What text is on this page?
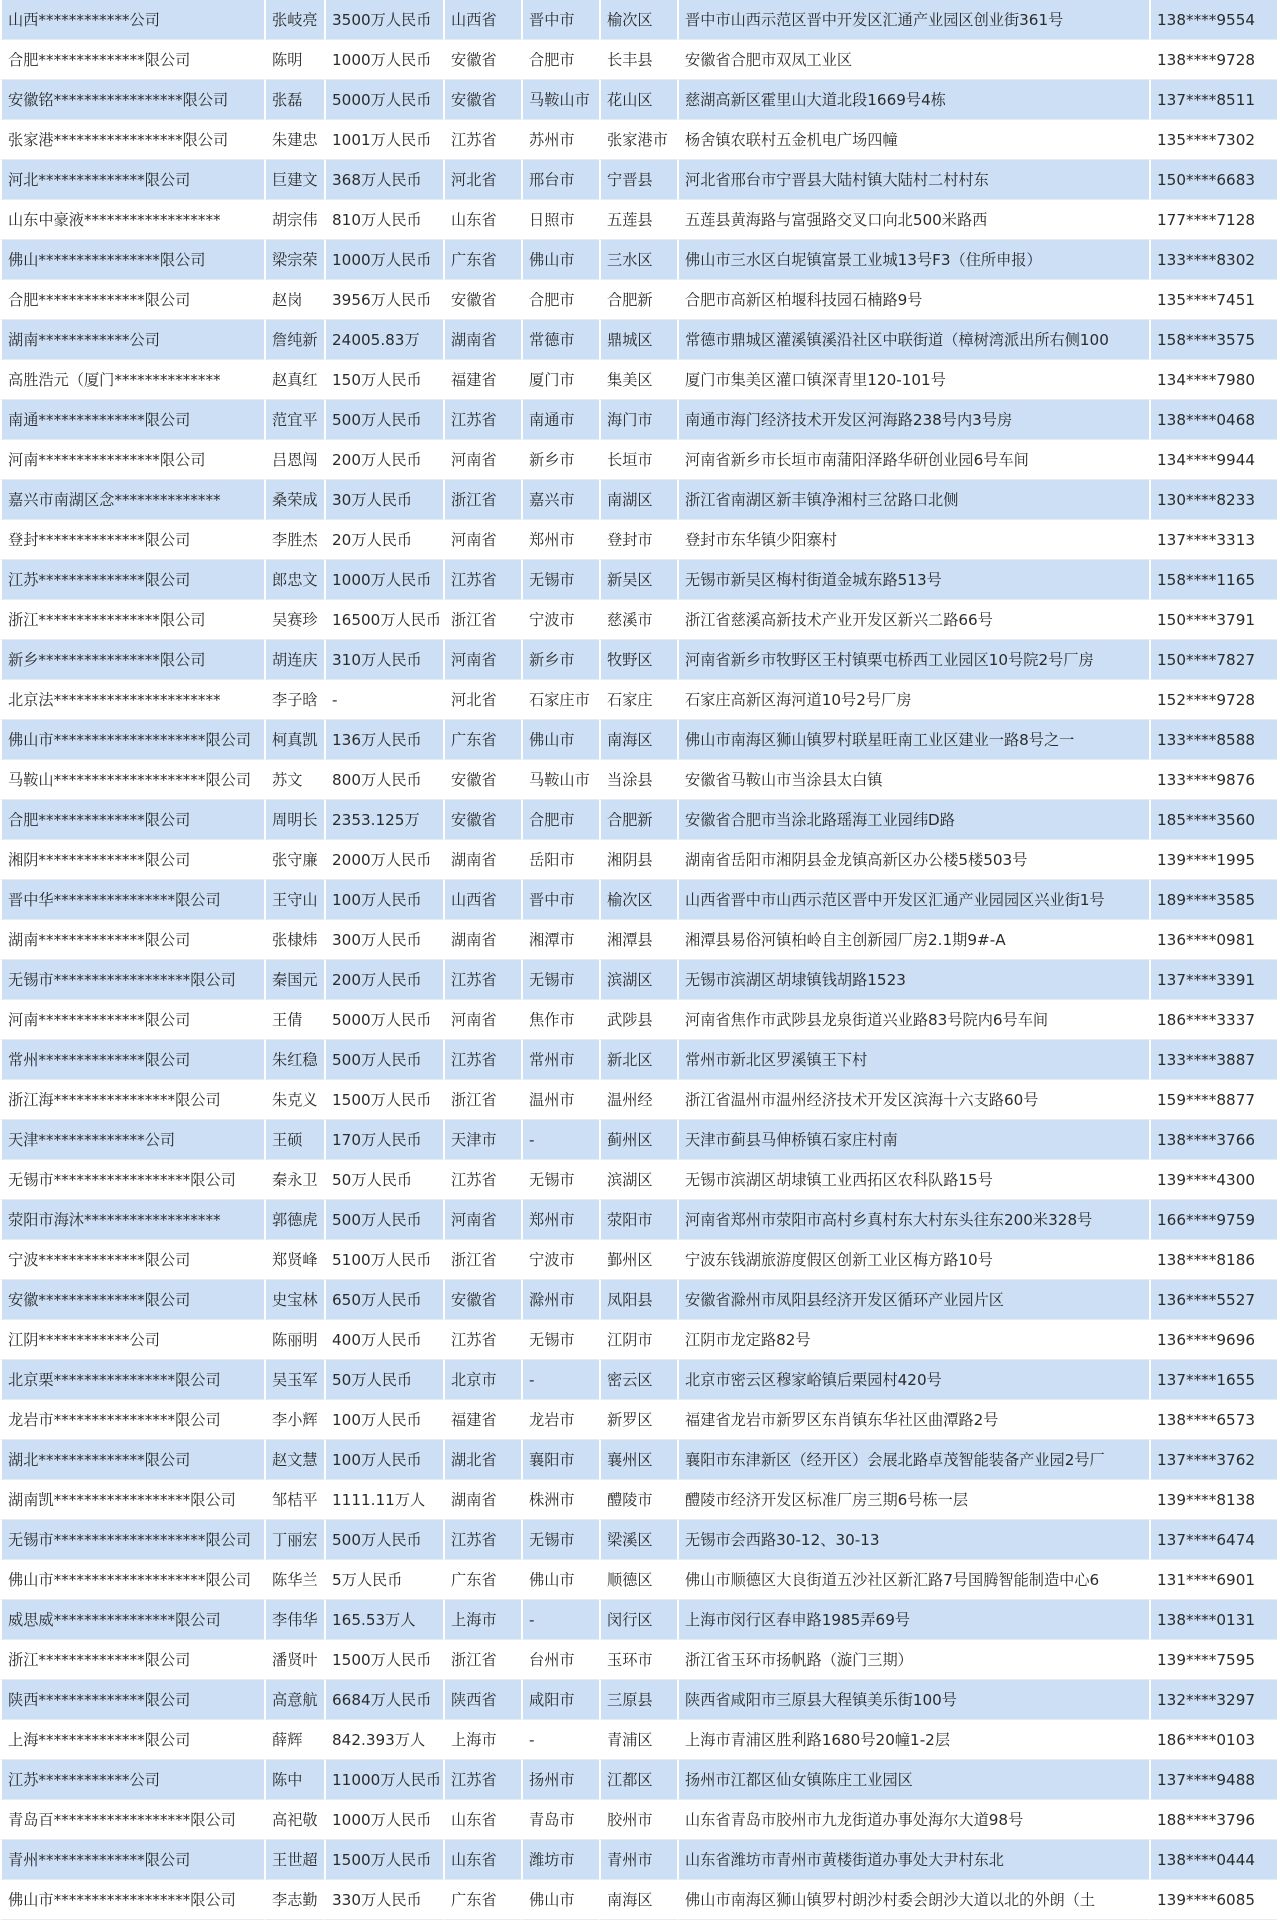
山西************公司	张岐亮	3500万人民币	山西省	晋中市	榆次区	晋中市山西示范区晋中开发区汇通产业园区创业街361号	138****9554
合肥**************限公司	陈明	1000万人民币	安徽省	合肥市	长丰县	安徽省合肥市双凤工业区	138****9728
安徽铭*****************限公司	张磊	5000万人民币	安徽省	马鞍山市	花山区	慈湖高新区霍里山大道北段1669号4栋	137****8511
张家港*****************限公司	朱建忠	1001万人民币	江苏省	苏州市	张家港市	杨舍镇农联村五金机电广场四幢	135****7302
河北**************限公司	巨建文	368万人民币	河北省	邢台市	宁晋县	河北省邢台市宁晋县大陆村镇大陆村二村村东	150****6683
山东中豪液******************	胡宗伟	810万人民币	山东省	日照市	五莲县	五莲县黄海路与富强路交叉口向北500米路西	177****7128
佛山****************限公司	梁宗荣	1000万人民币	广东省	佛山市	三水区	佛山市三水区白坭镇富景工业城13号F3（住所申报）	133****8302
合肥**************限公司	赵岗	3956万人民币	安徽省	合肥市	合肥新	合肥市高新区柏堰科技园石楠路9号	135****7451
湖南************公司	詹纯新	24005.83万	湖南省	常德市	鼎城区	常德市鼎城区灌溪镇溪沿社区中联街道（樟树湾派出所右侧100	158****3575
高胜浩元（厦门**************	赵真红	150万人民币	福建省	厦门市	集美区	厦门市集美区灌口镇深青里120-101号	134****7980
南通**************限公司	范宜平	500万人民币	江苏省	南通市	海门市	南通市海门经济技术开发区河海路238号内3号房	138****0468
河南****************限公司	吕恩闯	200万人民币	河南省	新乡市	长垣市	河南省新乡市长垣市南蒲阳泽路华研创业园6号车间	134****9944
嘉兴市南湖区念**************	桑荣成	30万人民币	浙江省	嘉兴市	南湖区	浙江省南湖区新丰镇净湘村三岔路口北侧	130****8233
登封**************限公司	李胜杰	20万人民币	河南省	郑州市	登封市	登封市东华镇少阳寨村	137****3313
江苏**************限公司	郎忠文	1000万人民币	江苏省	无锡市	新吴区	无锡市新吴区梅村街道金城东路513号	158****1165
浙江****************限公司	吴赛珍	16500万人民币	浙江省	宁波市	慈溪市	浙江省慈溪高新技术产业开发区新兴二路66号	150****3791
新乡****************限公司	胡连庆	310万人民币	河南省	新乡市	牧野区	河南省新乡市牧野区王村镇栗屯桥西工业园区10号院2号厂房	150****7827
北京法**********************	李子晗	-	河北省	石家庄市	石家庄	石家庄高新区海河道10号2号厂房	152****9728
佛山市********************限公司	柯真凯	136万人民币	广东省	佛山市	南海区	佛山市南海区狮山镇罗村联星旺南工业区建业一路8号之一	133****8588
马鞍山********************限公司	苏文	800万人民币	安徽省	马鞍山市	当涂县	安徽省马鞍山市当涂县太白镇	133****9876
合肥**************限公司	周明长	2353.125万	安徽省	合肥市	合肥新	安徽省合肥市当涂北路瑶海工业园纬D路	185****3560
湘阴**************限公司	张守廉	2000万人民币	湖南省	岳阳市	湘阴县	湖南省岳阳市湘阴县金龙镇高新区办公楼5楼503号	139****1995
晋中华****************限公司	王守山	100万人民币	山西省	晋中市	榆次区	山西省晋中市山西示范区晋中开发区汇通产业园园区兴业街1号	189****3585
湖南**************限公司	张棣炜	300万人民币	湖南省	湘潭市	湘潭县	湘潭县易俗河镇桕岭自主创新园厂房2.1期9#-A	136****0981
无锡市******************限公司	秦国元	200万人民币	江苏省	无锡市	滨湖区	无锡市滨湖区胡埭镇钱胡路1523	137****3391
河南**************限公司	王倩	5000万人民币	河南省	焦作市	武陟县	河南省焦作市武陟县龙泉街道兴业路83号院内6号车间	186****3337
常州**************限公司	朱红稳	500万人民币	江苏省	常州市	新北区	常州市新北区罗溪镇王下村	133****3887
浙江海****************限公司	朱克义	1500万人民币	浙江省	温州市	温州经	浙江省温州市温州经济技术开发区滨海十六支路60号	159****8877
天津**************公司	王硕	170万人民币	天津市	-	蓟州区	天津市蓟县马伸桥镇石家庄村南	138****3766
无锡市******************限公司	秦永卫	50万人民币	江苏省	无锡市	滨湖区	无锡市滨湖区胡埭镇工业西拓区农科队路15号	139****4300
荥阳市海沐******************	郭德虎	500万人民币	河南省	郑州市	荥阳市	河南省郑州市荥阳市高村乡真村东大村东头往东200米328号	166****9759
宁波**************限公司	郑贤峰	5100万人民币	浙江省	宁波市	鄞州区	宁波东钱湖旅游度假区创新工业区梅方路10号	138****8186
安徽**************限公司	史宝林	650万人民币	安徽省	滁州市	凤阳县	安徽省滁州市凤阳县经济开发区循环产业园片区	136****5527
江阴************公司	陈丽明	400万人民币	江苏省	无锡市	江阴市	江阴市龙定路82号	136****9696
北京栗****************限公司	吴玉军	50万人民币	北京市	-	密云区	北京市密云区穆家峪镇后栗园村420号	137****1655
龙岩市****************限公司	李小辉	100万人民币	福建省	龙岩市	新罗区	福建省龙岩市新罗区东肖镇东华社区曲潭路2号	138****6573
湖北**************限公司	赵文慧	100万人民币	湖北省	襄阳市	襄州区	襄阳市东津新区（经开区）会展北路卓茂智能装备产业园2号厂	137****3762
湖南凯******************限公司	邹桔平	1111.11万人	湖南省	株洲市	醴陵市	醴陵市经济开发区标准厂房三期6号栋一层	139****8138
无锡市********************限公司	丁丽宏	500万人民币	江苏省	无锡市	梁溪区	无锡市会西路30-12、30-13	137****6474
佛山市********************限公司	陈华兰	5万人民币	广东省	佛山市	顺德区	佛山市顺德区大良街道五沙社区新汇路7号国腾智能制造中心6	131****6901
威思威****************限公司	李伟华	165.53万人	上海市	-	闵行区	上海市闵行区春申路1985弄69号	138****0131
浙江**************限公司	潘贤叶	1500万人民币	浙江省	台州市	玉环市	浙江省玉环市扬帆路（漩门三期）	139****7595
陕西**************限公司	高意航	6684万人民币	陕西省	咸阳市	三原县	陕西省咸阳市三原县大程镇美乐街100号	132****3297
上海**************限公司	薛辉	842.393万人	上海市	-	青浦区	上海市青浦区胜利路1680号20幢1-2层	186****0103
江苏************公司	陈中	11000万人民币	江苏省	扬州市	江都区	扬州市江都区仙女镇陈庄工业园区	137****9488
青岛百******************限公司	高祀敬	1000万人民币	山东省	青岛市	胶州市	山东省青岛市胶州市九龙街道办事处海尔大道98号	188****3796
青州**************限公司	王世超	1500万人民币	山东省	潍坊市	青州市	山东省潍坊市青州市黄楼街道办事处大尹村东北	138****0444
佛山市******************限公司	李志勤	330万人民币	广东省	佛山市	南海区	佛山市南海区狮山镇罗村朗沙村委会朗沙大道以北的外朗（土	139****6085
